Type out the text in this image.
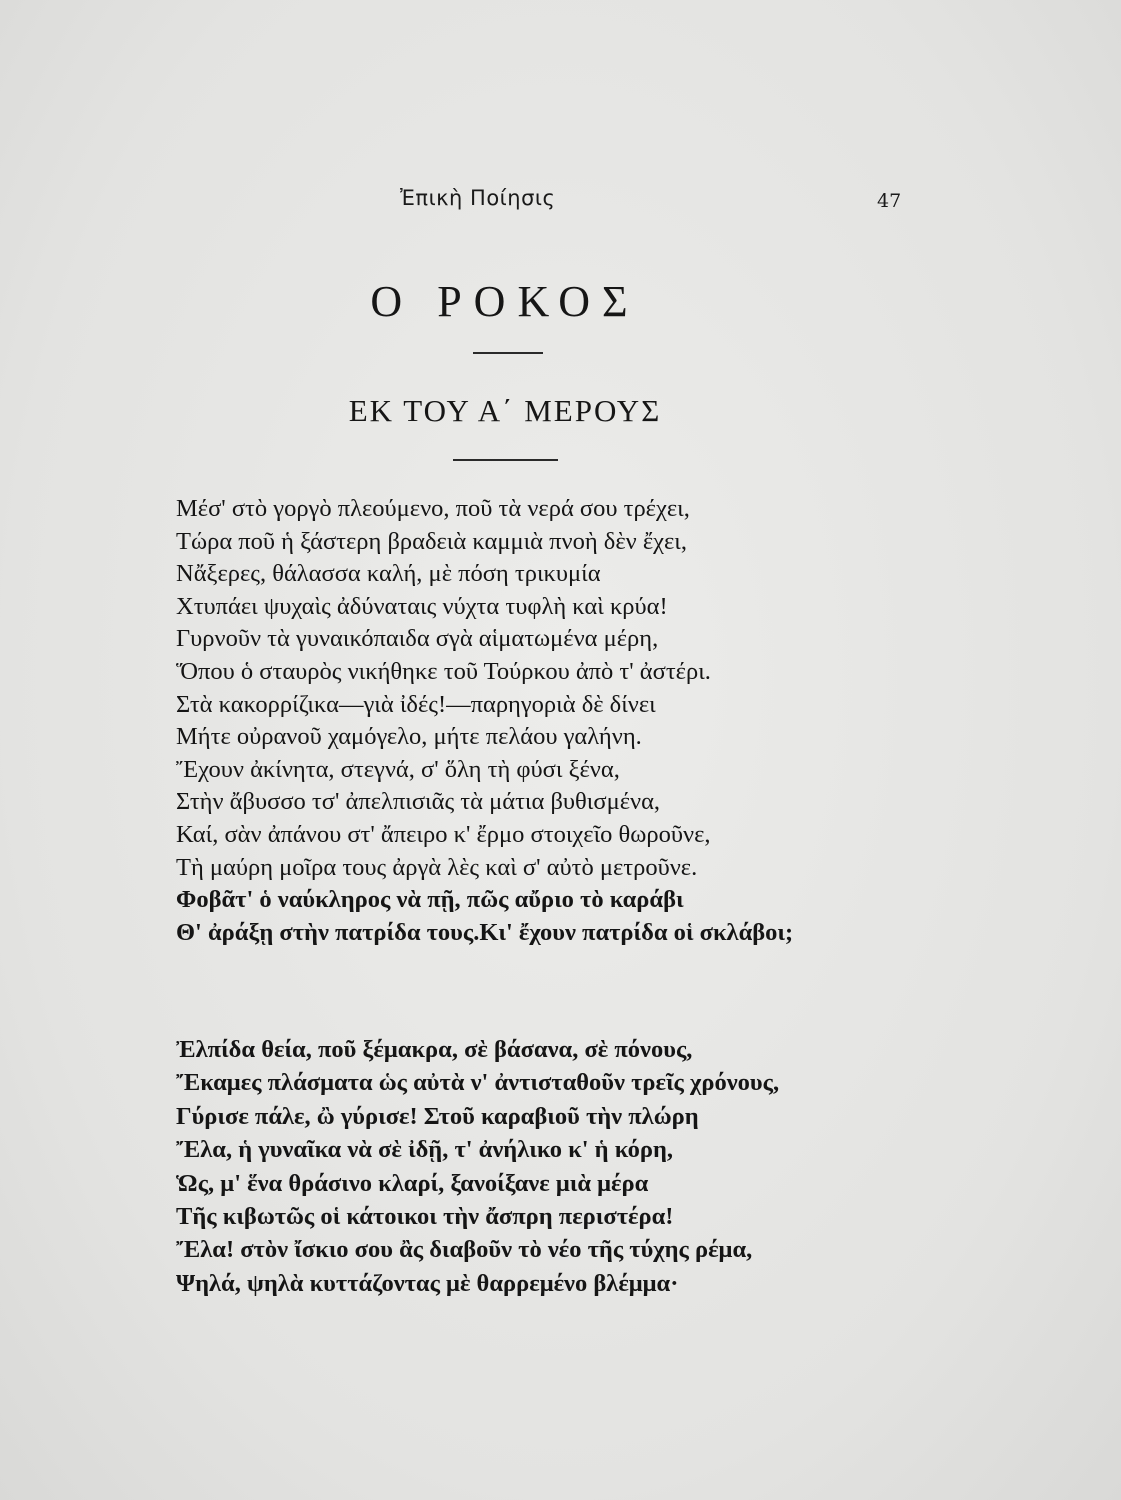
Ἐπικὴ Ποίησις	47
Ο ΡΟΚΟΣ
ΕΚ ΤΟΥ Α΄ ΜΕΡΟΥΣ
Μέσ' στὸ γοργὸ πλεούμενο, ποῦ τὰ νερά σου τρέχει,
Τώρα ποῦ ἡ ξάστερη βραδειὰ καμμιὰ πνοὴ δὲν ἔχει,
Νἄξερες, θάλασσα καλή, μὲ πόση τρικυμία
Χτυπάει ψυχαὶς ἀδύναταις νύχτα τυφλὴ καὶ κρύα!
Γυρνοῦν τὰ γυναικόπαιδα σγὰ αἱματωμένα μέρη,
Ὅπου ὁ σταυρὸς νικήθηκε τοῦ Τούρκου ἀπὸ τ' ἀστέρι.
Στὰ κακορρίζικα—γιὰ ἰδές!—παρηγοριὰ δὲ δίνει
Μήτε οὐρανοῦ χαμόγελο, μήτε πελάου γαλήνη.
Ἔχουν ἀκίνητα, στεγνά, σ' ὅλη τὴ φύσι ξένα,
Στὴν ἄβυσσο τσ' ἀπελπισιᾶς τὰ μάτια βυθισμένα,
Καί, σὰν ἀπάνου στ' ἄπειρο κ' ἔρμο στοιχεῖο θωροῦνε,
Τὴ μαύρη μοῖρα τους ἀργὰ λὲς καὶ σ' αὐτὸ μετροῦνε.
Φοβᾶτ' ὁ ναύκληρος νὰ πῇ, πῶς αὔριο τὸ καράβι
Θ' ἀράξῃ στὴν πατρίδα τους.Κι' ἔχουν πατρίδα οἱ σκλάβοι;
Ἐλπίδα θεία, ποῦ ξέμακρα, σὲ βάσανα, σὲ πόνους,
Ἔκαμες πλάσματα ὡς αὐτὰ ν' ἀντισταθοῦν τρεῖς χρόνους,
Γύρισε πάλε, ὢ γύρισε! Στοῦ καραβιοῦ τὴν πλώρη
Ἔλα, ἡ γυναῖκα νὰ σὲ ἰδῇ, τ' ἀνήλικο κ' ἡ κόρη,
Ὡς, μ' ἕνα θράσινο κλαρί, ξανοίξανε μιὰ μέρα
Τῆς κιβωτῶς οἱ κάτοικοι τὴν ἄσπρη περιστέρα!
Ἔλα! στὸν ἴσκιο σου ἂς διαβοῦν τὸ νέο τῆς τύχης ρέμα,
Ψηλά, ψηλὰ κυττάζοντας μὲ θαρρεμένο βλέμμα·
